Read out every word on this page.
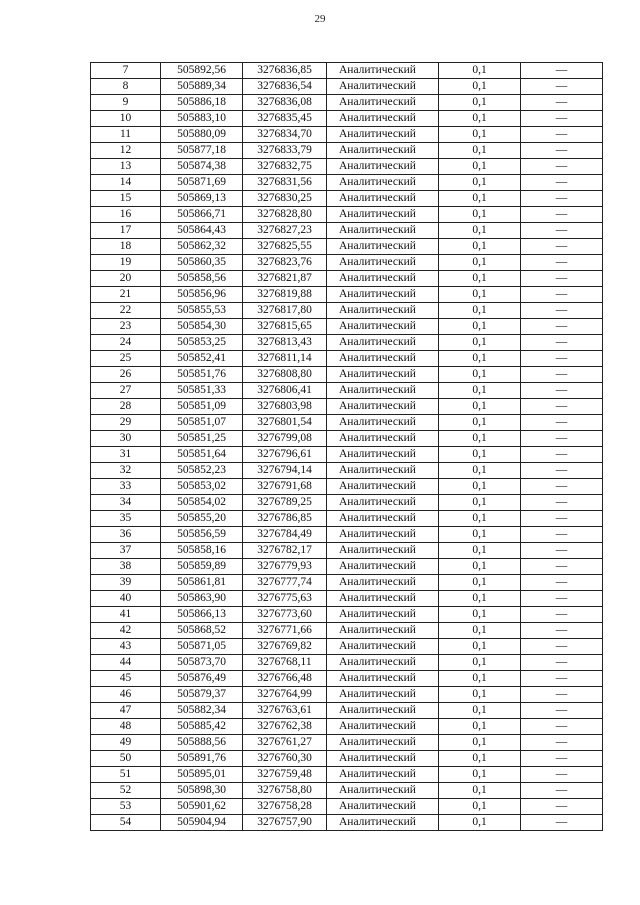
29
7	505892,56	3276836,85	Аналитический	0,1	—
8	505889,34	3276836,54	Аналитический	0,1	—
9	505886,18	3276836,08	Аналитический	0,1	—
10	505883,10	3276835,45	Аналитический	0,1	—
11	505880,09	3276834,70	Аналитический	0,1	—
12	505877,18	3276833,79	Аналитический	0,1	—
13	505874,38	3276832,75	Аналитический	0,1	—
14	505871,69	3276831,56	Аналитический	0,1	—
15	505869,13	3276830,25	Аналитический	0,1	—
16	505866,71	3276828,80	Аналитический	0,1	—
17	505864,43	3276827,23	Аналитический	0,1	—
18	505862,32	3276825,55	Аналитический	0,1	—
19	505860,35	3276823,76	Аналитический	0,1	—
20	505858,56	3276821,87	Аналитический	0,1	—
21	505856,96	3276819,88	Аналитический	0,1	—
22	505855,53	3276817,80	Аналитический	0,1	—
23	505854,30	3276815,65	Аналитический	0,1	—
24	505853,25	3276813,43	Аналитический	0,1	—
25	505852,41	3276811,14	Аналитический	0,1	—
26	505851,76	3276808,80	Аналитический	0,1	—
27	505851,33	3276806,41	Аналитический	0,1	—
28	505851,09	3276803,98	Аналитический	0,1	—
29	505851,07	3276801,54	Аналитический	0,1	—
30	505851,25	3276799,08	Аналитический	0,1	—
31	505851,64	3276796,61	Аналитический	0,1	—
32	505852,23	3276794,14	Аналитический	0,1	—
33	505853,02	3276791,68	Аналитический	0,1	—
34	505854,02	3276789,25	Аналитический	0,1	—
35	505855,20	3276786,85	Аналитический	0,1	—
36	505856,59	3276784,49	Аналитический	0,1	—
37	505858,16	3276782,17	Аналитический	0,1	—
38	505859,89	3276779,93	Аналитический	0,1	—
39	505861,81	3276777,74	Аналитический	0,1	—
40	505863,90	3276775,63	Аналитический	0,1	—
41	505866,13	3276773,60	Аналитический	0,1	—
42	505868,52	3276771,66	Аналитический	0,1	—
43	505871,05	3276769,82	Аналитический	0,1	—
44	505873,70	3276768,11	Аналитический	0,1	—
45	505876,49	3276766,48	Аналитический	0,1	—
46	505879,37	3276764,99	Аналитический	0,1	—
47	505882,34	3276763,61	Аналитический	0,1	—
48	505885,42	3276762,38	Аналитический	0,1	—
49	505888,56	3276761,27	Аналитический	0,1	—
50	505891,76	3276760,30	Аналитический	0,1	—
51	505895,01	3276759,48	Аналитический	0,1	—
52	505898,30	3276758,80	Аналитический	0,1	—
53	505901,62	3276758,28	Аналитический	0,1	—
54	505904,94	3276757,90	Аналитический	0,1	—
